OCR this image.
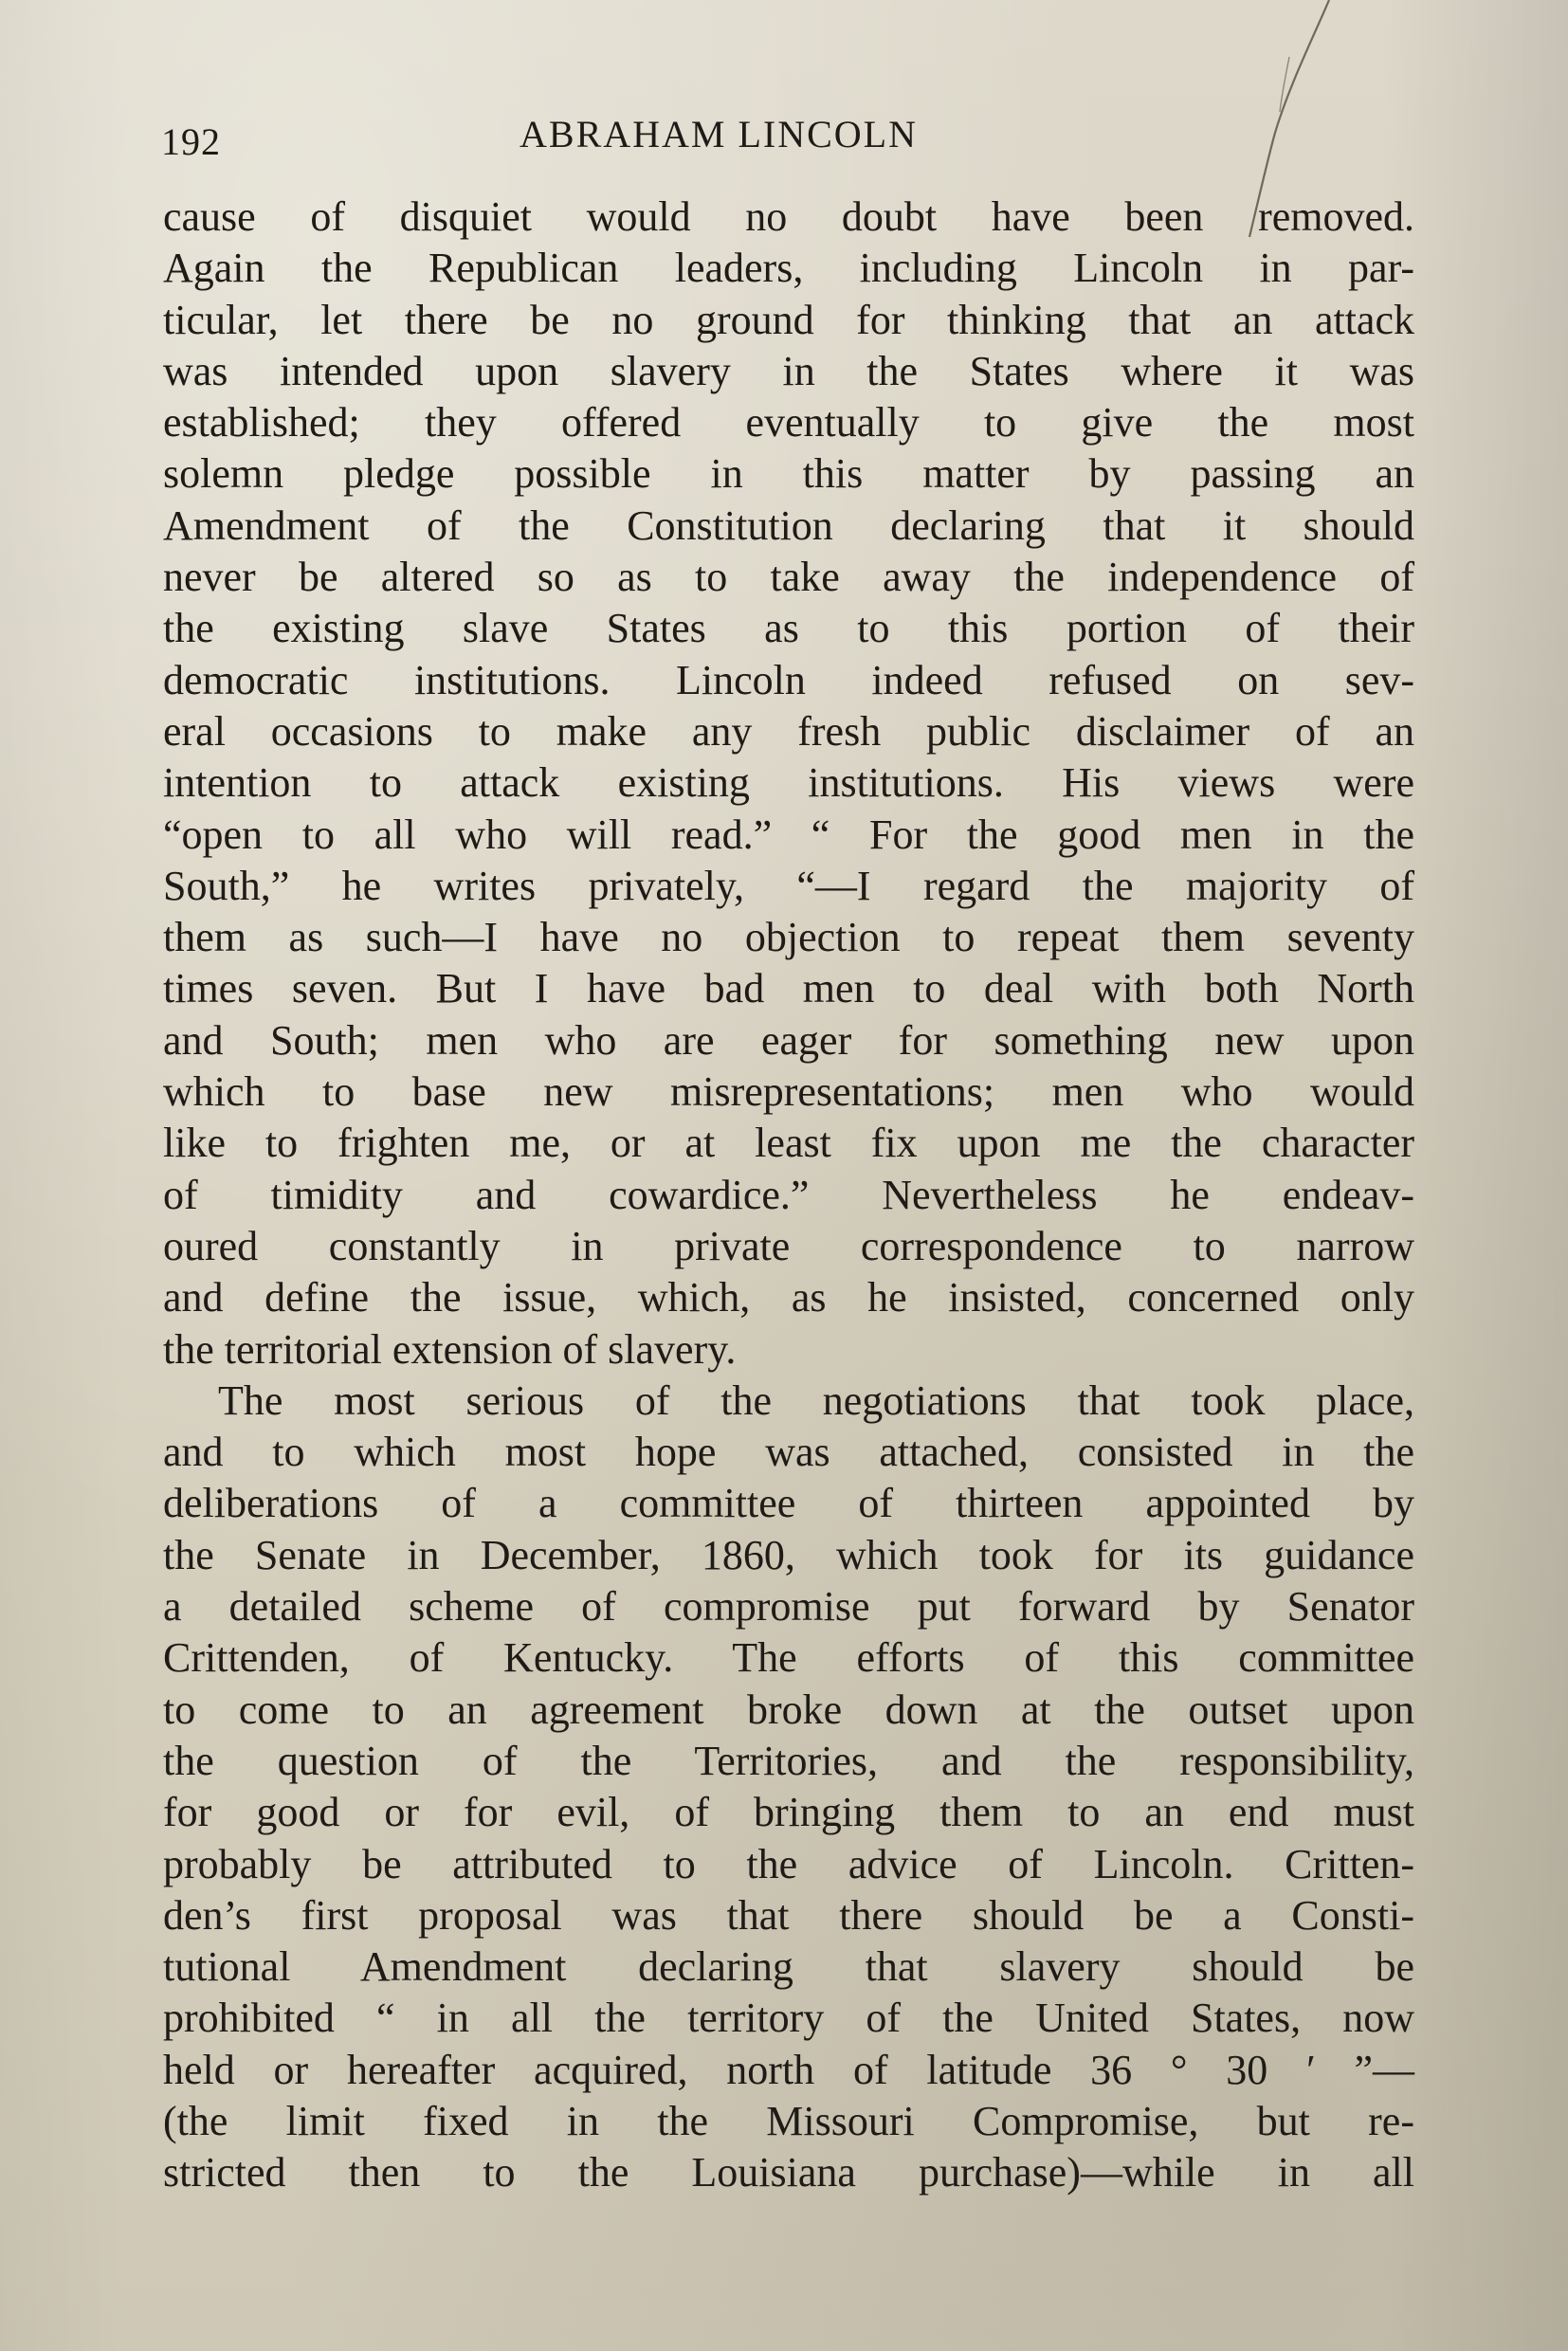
192	ABRAHAM LINCOLN
cause of disquiet would no doubt have been removed.
Again the Republican leaders, including Lincoln in par-
ticular, let there be no ground for thinking that an attack
was intended upon slavery in the States where it was
established; they offered eventually to give the most
solemn pledge possible in this matter by passing an
Amendment of the Constitution declaring that it should
never be altered so as to take away the independence of
the existing slave States as to this portion of their
democratic institutions. Lincoln indeed refused on sev-
eral occasions to make any fresh public disclaimer of an
intention to attack existing institutions. His views were
“open to all who will read.” “ For the good men in the
South,” he writes privately, “—I regard the majority of
them as such—I have no objection to repeat them seventy
times seven. But I have bad men to deal with both North
and South; men who are eager for something new upon
which to base new misrepresentations; men who would
like to frighten me, or at least fix upon me the character
of timidity and cowardice.” Nevertheless he endeav-
oured constantly in private correspondence to narrow
and define the issue, which, as he insisted, concerned only
the territorial extension of slavery.
The most serious of the negotiations that took place,
and to which most hope was attached, consisted in the
deliberations of a committee of thirteen appointed by
the Senate in December, 1860, which took for its guidance
a detailed scheme of compromise put forward by Senator
Crittenden, of Kentucky. The efforts of this committee
to come to an agreement broke down at the outset upon
the question of the Territories, and the responsibility,
for good or for evil, of bringing them to an end must
probably be attributed to the advice of Lincoln. Critten-
den’s first proposal was that there should be a Consti-
tutional Amendment declaring that slavery should be
prohibited “ in all the territory of the United States, now
held or hereafter acquired, north of latitude 36 ° 30 ′ ”—
(the limit fixed in the Missouri Compromise, but re-
stricted then to the Louisiana purchase)—while in all
